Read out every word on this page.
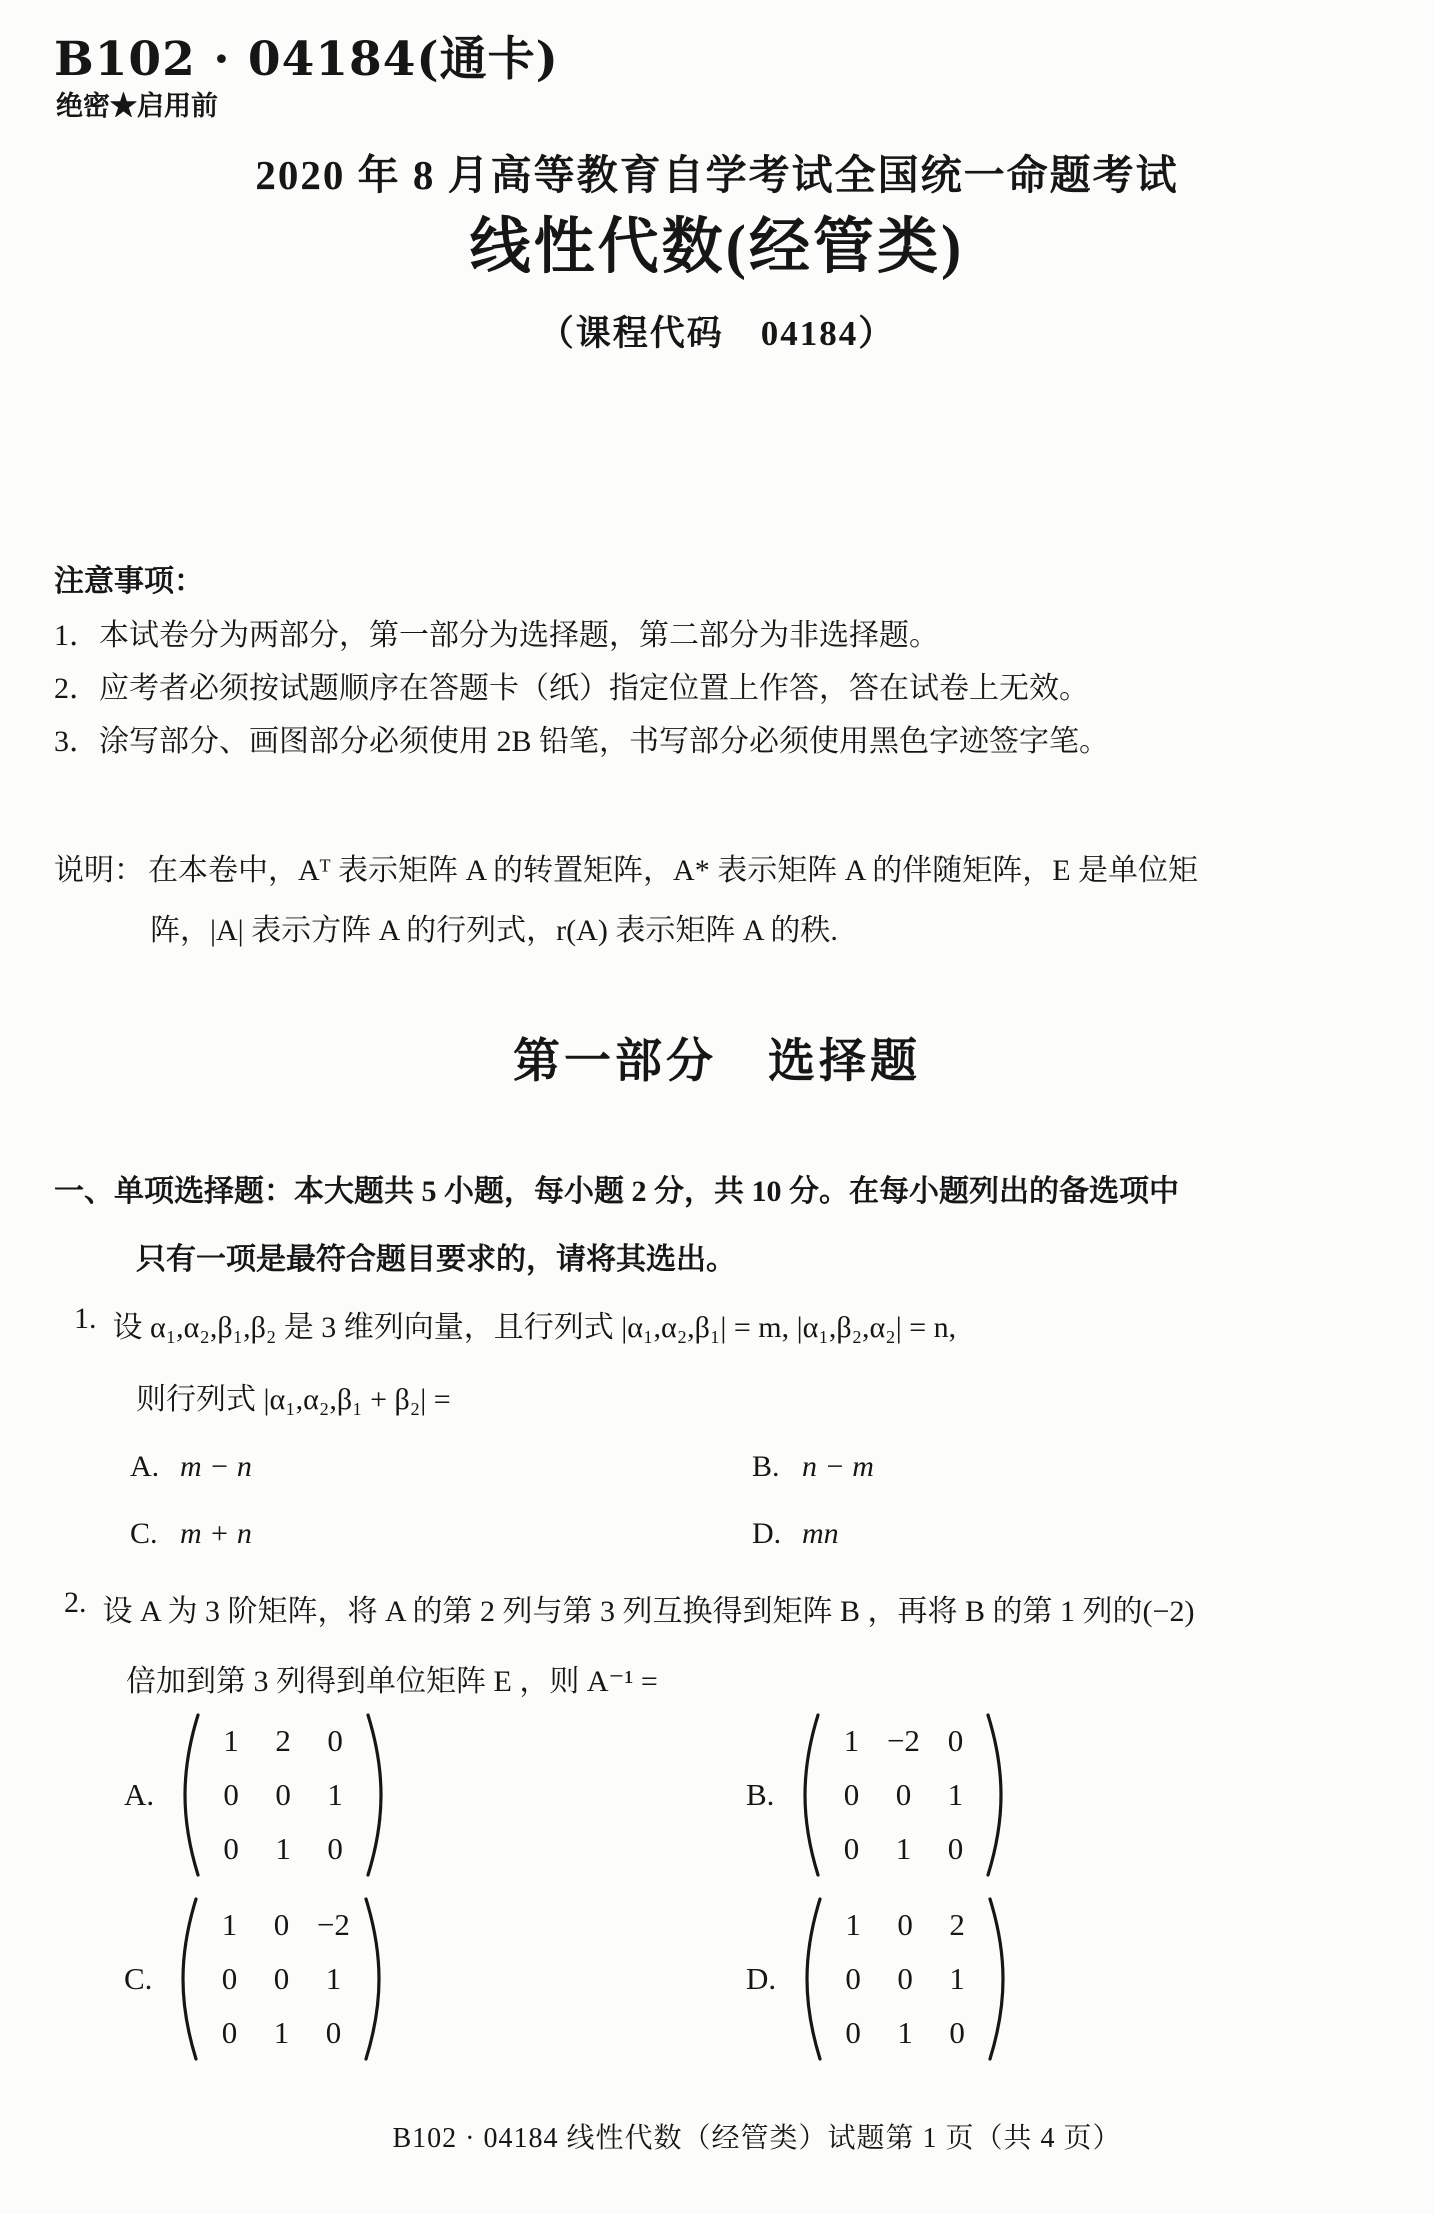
B102 · 04184(通卡)
绝密★启用前
2020 年 8 月高等教育自学考试全国统一命题考试
线性代数(经管类)
（课程代码　04184）
注意事项：
1．本试卷分为两部分，第一部分为选择题，第二部分为非选择题。
2．应考者必须按试题顺序在答题卡（纸）指定位置上作答，答在试卷上无效。
3．涂写部分、画图部分必须使用 2B 铅笔，书写部分必须使用黑色字迹签字笔。
说明： 在本卷中，Aᵀ 表示矩阵 A 的转置矩阵，A* 表示矩阵 A 的伴随矩阵，E 是单位矩
阵，|A| 表示方阵 A 的行列式，r(A) 表示矩阵 A 的秩.
第一部分　选择题
一、单项选择题：本大题共 5 小题，每小题 2 分，共 10 分。在每小题列出的备选项中
只有一项是最符合题目要求的，请将其选出。
1. 设 α₁,α₂,β₁,β₂ 是 3 维列向量，且行列式 |α₁,α₂,β₁| = m, |α₁,β₂,α₂| = n,
则行列式 |α₁,α₂,β₁ + β₂| =
A. m − n	B. n − m
C. m + n	D. mn
2. 设 A 为 3 阶矩阵，将 A 的第 2 列与第 3 列互换得到矩阵 B ，再将 B 的第 1 列的(−2)
倍加到第 3 列得到单位矩阵 E ，则 A⁻¹ =
A.
1	2	0
0	0	1
0	1	0
B.
1 −2 0
0	0	1
0	1	0
C.
1	0 −2
0	0	1
0	1	0
D.
1	0	2
0	0	1
0	1	0
B102 · 04184 线性代数（经管类）试题第 1 页（共 4 页）
